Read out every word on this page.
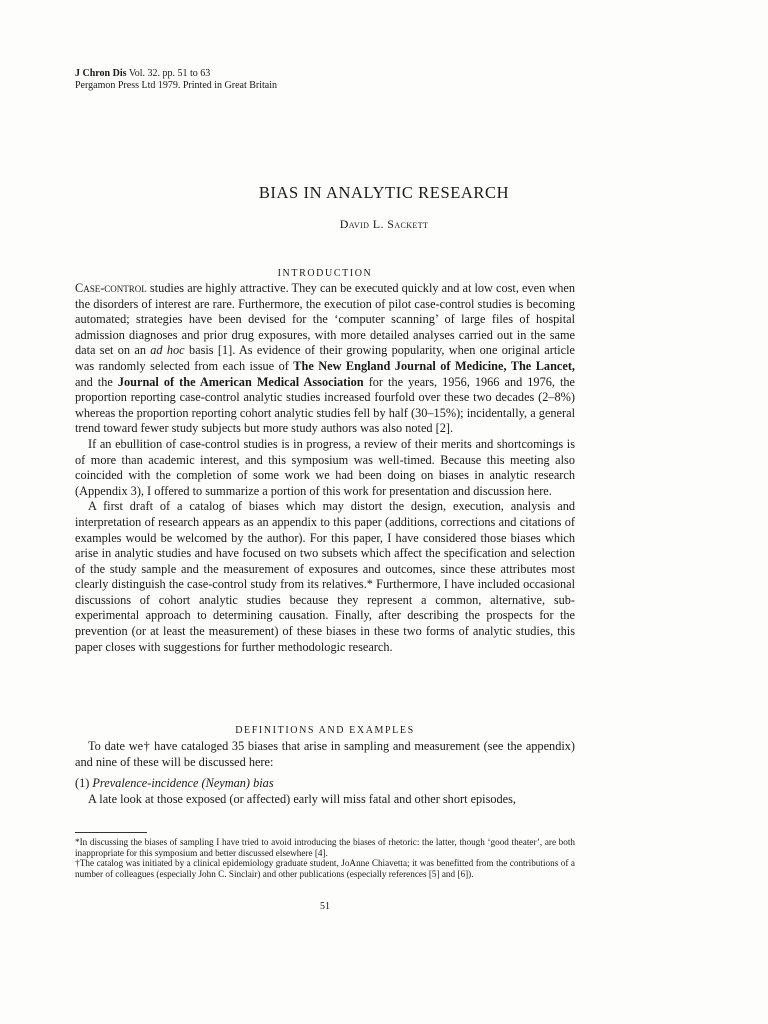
J Chron Dis Vol. 32. pp. 51 to 63
Pergamon Press Ltd 1979. Printed in Great Britain
BIAS IN ANALYTIC RESEARCH
David L. Sackett
INTRODUCTION

Case-control studies are highly attractive. They can be executed quickly and at low cost, even when the disorders of interest are rare. Furthermore, the execution of pilot case-control studies is becoming automated; strategies have been devised for the ‘computer scanning’ of large files of hospital admission diagnoses and prior drug exposures, with more detailed analyses carried out in the same data set on an ad hoc basis [1]. As evidence of their growing popularity, when one original article was randomly selected from each issue of The New England Journal of Medicine, The Lancet, and the Journal of the American Medical Association for the years, 1956, 1966 and 1976, the proportion reporting case-control analytic studies increased fourfold over these two decades (2–8%) whereas the proportion reporting cohort analytic studies fell by half (30–15%); incidentally, a general trend toward fewer study subjects but more study authors was also noted [2].

If an ebullition of case-control studies is in progress, a review of their merits and shortcomings is of more than academic interest, and this symposium was well-timed. Because this meeting also coincided with the completion of some work we had been doing on biases in analytic research (Appendix 3), I offered to summarize a portion of this work for presentation and discussion here.

A first draft of a catalog of biases which may distort the design, execution, analysis and interpretation of research appears as an appendix to this paper (additions, corrections and citations of examples would be welcomed by the author). For this paper, I have considered those biases which arise in analytic studies and have focused on two subsets which affect the specification and selection of the study sample and the measurement of exposures and outcomes, since these attributes most clearly distinguish the case-control study from its relatives.* Furthermore, I have included occasional discussions of cohort analytic studies because they represent a common, alternative, sub-experimental approach to determining causation. Finally, after describing the prospects for the prevention (or at least the measurement) of these biases in these two forms of analytic studies, this paper closes with suggestions for further methodologic research.

DEFINITIONS AND EXAMPLES

To date we† have cataloged 35 biases that arise in sampling and measurement (see the appendix) and nine of these will be discussed here:

(1) Prevalence-incidence (Neyman) bias

A late look at those exposed (or affected) early will miss fatal and other short episodes,

*In discussing the biases of sampling I have tried to avoid introducing the biases of rhetoric: the latter, though ‘good theater’, are both inappropriate for this symposium and better discussed elsewhere [4].

†The catalog was initiated by a clinical epidemiology graduate student, JoAnne Chiavetta; it was benefitted from the contributions of a number of colleagues (especially John C. Sinclair) and other publications (especially references [5] and [6]).

51
